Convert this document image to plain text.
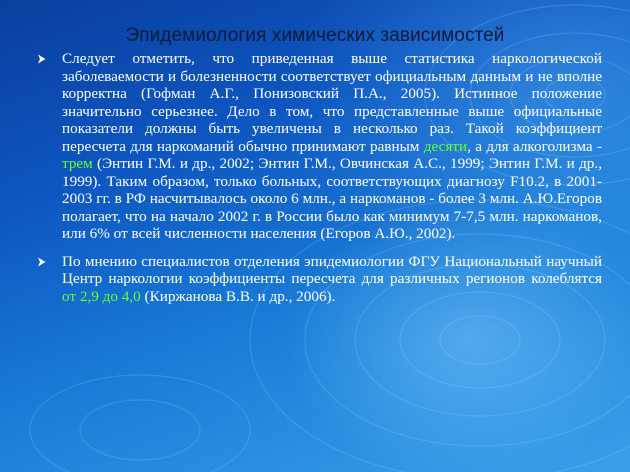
Эпидемиология химических зависимостей
Следует отметить, что приведенная выше статистика наркологической заболеваемости и болезненности соответствует официальным данным и не вполне корректна (Гофман А.Г., Понизовский П.А., 2005). Истинное положение значительно серьезнее. Дело в том, что представленные выше официальные показатели должны быть увеличены в несколько раз. Такой коэффициент пересчета для наркоманий обычно принимают равным десяти, а для алкоголизма - трем (Энтин Г.М. и др., 2002; Энтин Г.М., Овчинская А.С., 1999; Энтин Г.М. и др., 1999). Таким образом, только больных, соответствующих диагнозу F10.2, в 2001-2003 гг. в РФ насчитывалось около 6 млн., а наркоманов - более 3 млн. А.Ю.Егоров полагает, что на начало 2002 г. в России было как минимум 7-7,5 млн. наркоманов, или 6% от всей численности населения (Егоров А.Ю., 2002).
По мнению специалистов отделения эпидемиологии ФГУ Национальный научный Центр наркологии коэффициенты пересчета для различных регионов колеблятся от 2,9 до 4,0 (Киржанова В.В. и др., 2006).
